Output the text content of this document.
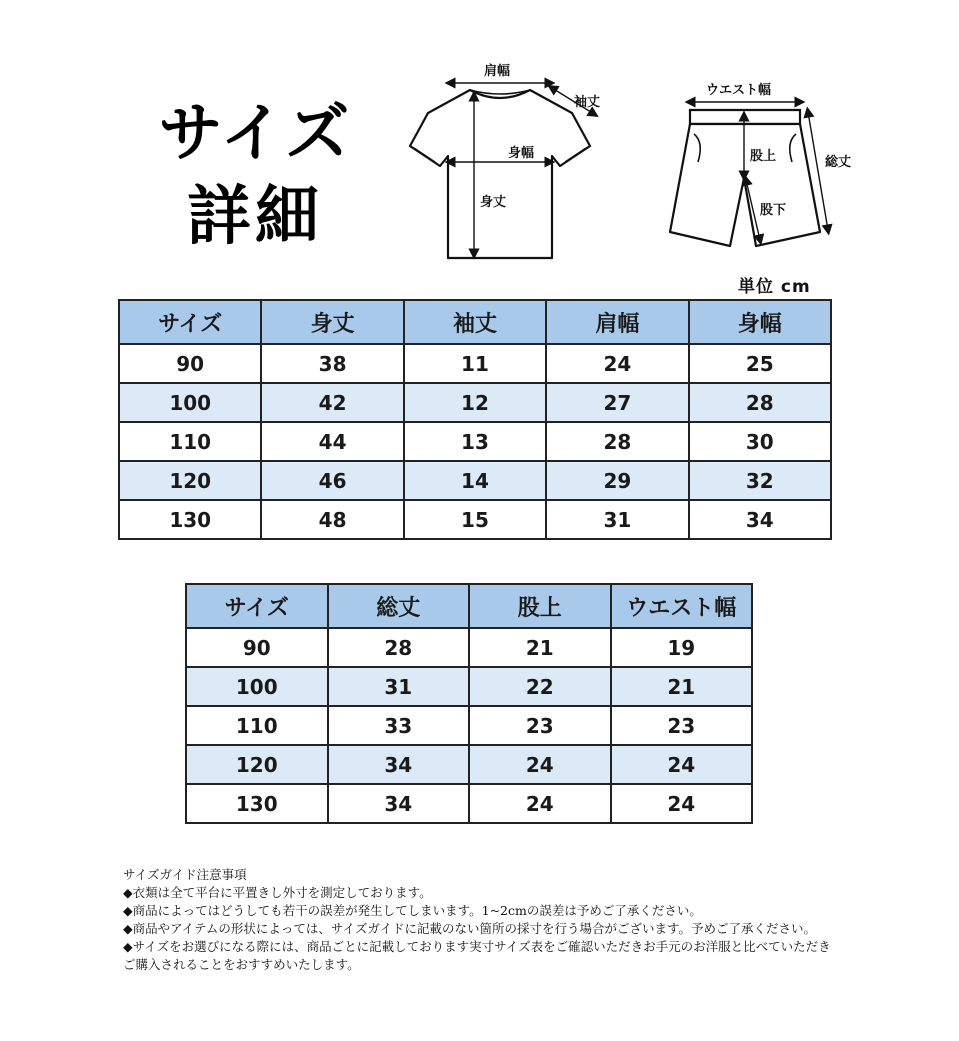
サイズ
詳細
肩幅
袖丈
身幅
身丈
ウエスト幅
股上
股下
総丈
単位 cm
サイズ	身丈	袖丈	肩幅	身幅
90	38	11	24	25
100	42	12	27	28
110	44	13	28	30
120	46	14	29	32
130	48	15	31	34
サイズ	総丈	股上	ウエスト幅
90	28	21	19
100	31	22	21
110	33	23	23
120	34	24	24
130	34	24	24

サイズガイド注意事項

◆衣類は全て平台に平置きし外寸を測定しております。

◆商品によってはどうしても若干の誤差が発生してしまいます。1~2cmの誤差は予めご了承ください。

◆商品やアイテムの形状によっては、サイズガイドに記載のない箇所の採寸を行う場合がございます。予めご了承ください。

◆サイズをお選びになる際には、商品ごとに記載しております実寸サイズ表をご確認いただきお手元のお洋服と比べていただきご購入されることをおすすめいたします。
